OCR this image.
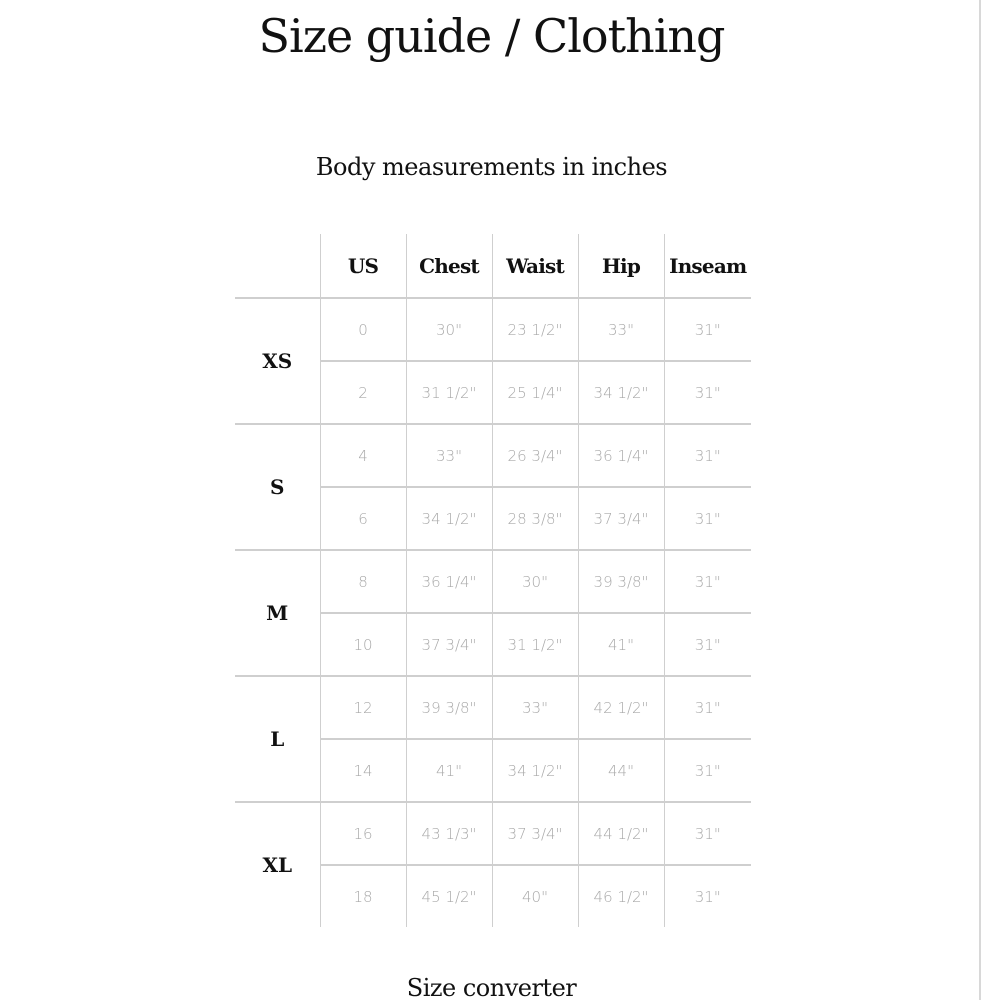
Size guide / Clothing
Body measurements in inches
	US	Chest	Waist	Hip	Inseam
XS	0	30"	23 1/2"	33"	31"
	2	31 1/2"	25 1/4"	34 1/2"	31"
S	4	33"	26 3/4"	36 1/4"	31"
	6	34 1/2"	28 3/8"	37 3/4"	31"
M	8	36 1/4"	30"	39 3/8"	31"
	10	37 3/4"	31 1/2"	41"	31"
L	12	39 3/8"	33"	42 1/2"	31"
	14	41"	34 1/2"	44"	31"
XL	16	43 1/3"	37 3/4"	44 1/2"	31"
	18	45 1/2"	40"	46 1/2"	31"
Size converter
